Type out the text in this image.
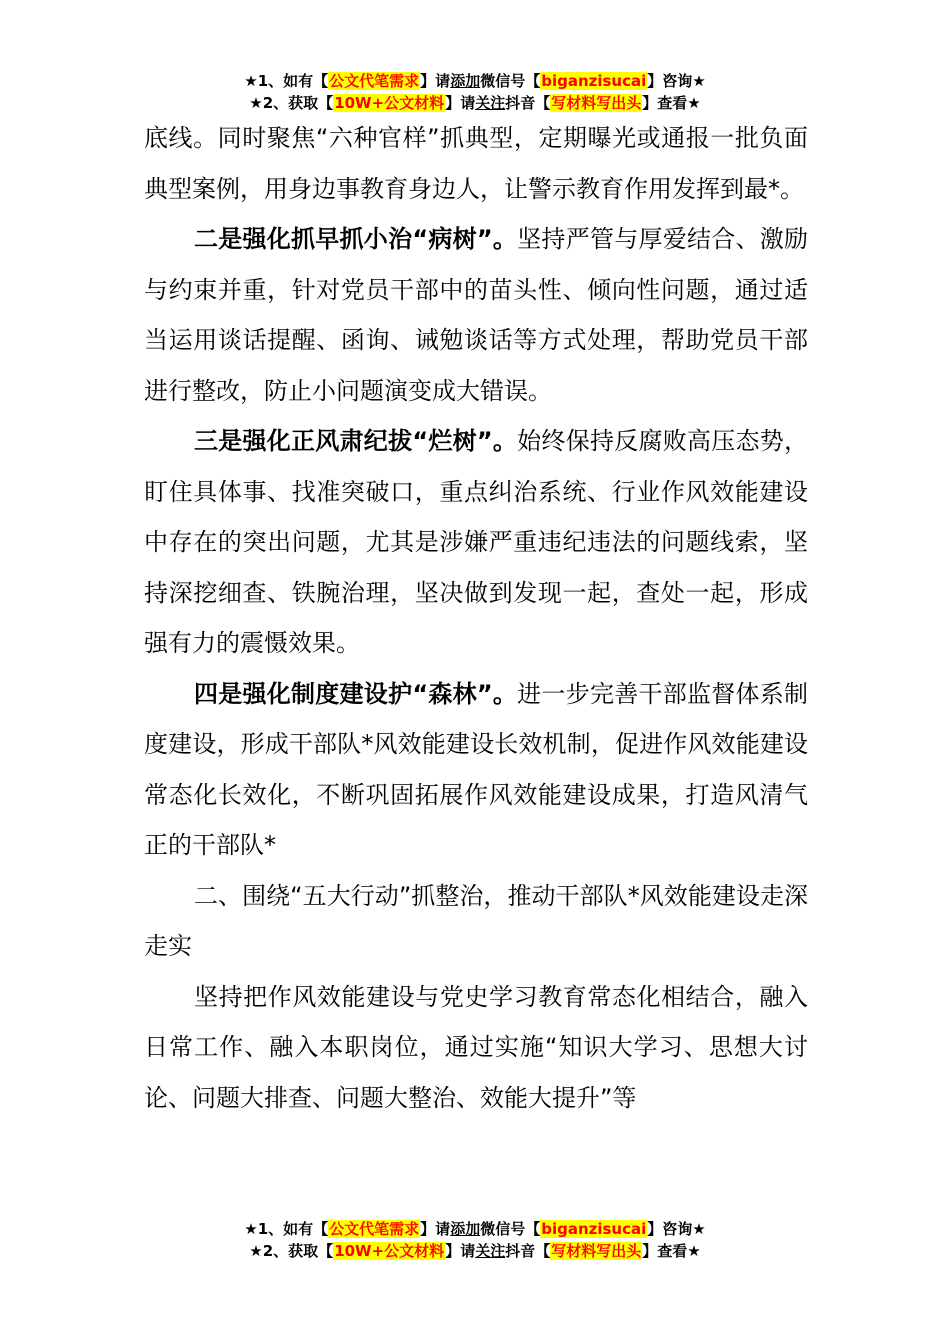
★1、如有【公文代笔需求】请添加微信号【biganzisucai】咨询★
★2、获取【10W+公文材料】请关注抖音【写材料写出头】查看★

底线。同时聚焦“六种官样”抓典型，定期曝光或通报一批负面典型案例，用身边事教育身边人，让警示教育作用发挥到最*。

二是强化抓早抓小治“病树”。坚持严管与厚爱结合、激励与约束并重，针对党员干部中的苗头性、倾向性问题，通过适当运用谈话提醒、函询、诫勉谈话等方式处理，帮助党员干部进行整改，防止小问题演变成大错误。

三是强化正风肃纪拔“烂树”。始终保持反腐败高压态势，盯住具体事、找准突破口，重点纠治系统、行业作风效能建设中存在的突出问题，尤其是涉嫌严重违纪违法的问题线索，坚持深挖细查、铁腕治理，坚决做到发现一起，查处一起，形成强有力的震慑效果。

四是强化制度建设护“森林”。进一步完善干部监督体系制度建设，形成干部队*风效能建设长效机制，促进作风效能建设常态化长效化，不断巩固拓展作风效能建设成果，打造风清气正的干部队*

二、围绕“五大行动”抓整治，推动干部队*风效能建设走深走实

坚持把作风效能建设与党史学习教育常态化相结合，融入日常工作、融入本职岗位，通过实施“知识大学习、思想大讨论、问题大排查、问题大整治、效能大提升”等

★1、如有【公文代笔需求】请添加微信号【biganzisucai】咨询★
★2、获取【10W+公文材料】请关注抖音【写材料写出头】查看★
